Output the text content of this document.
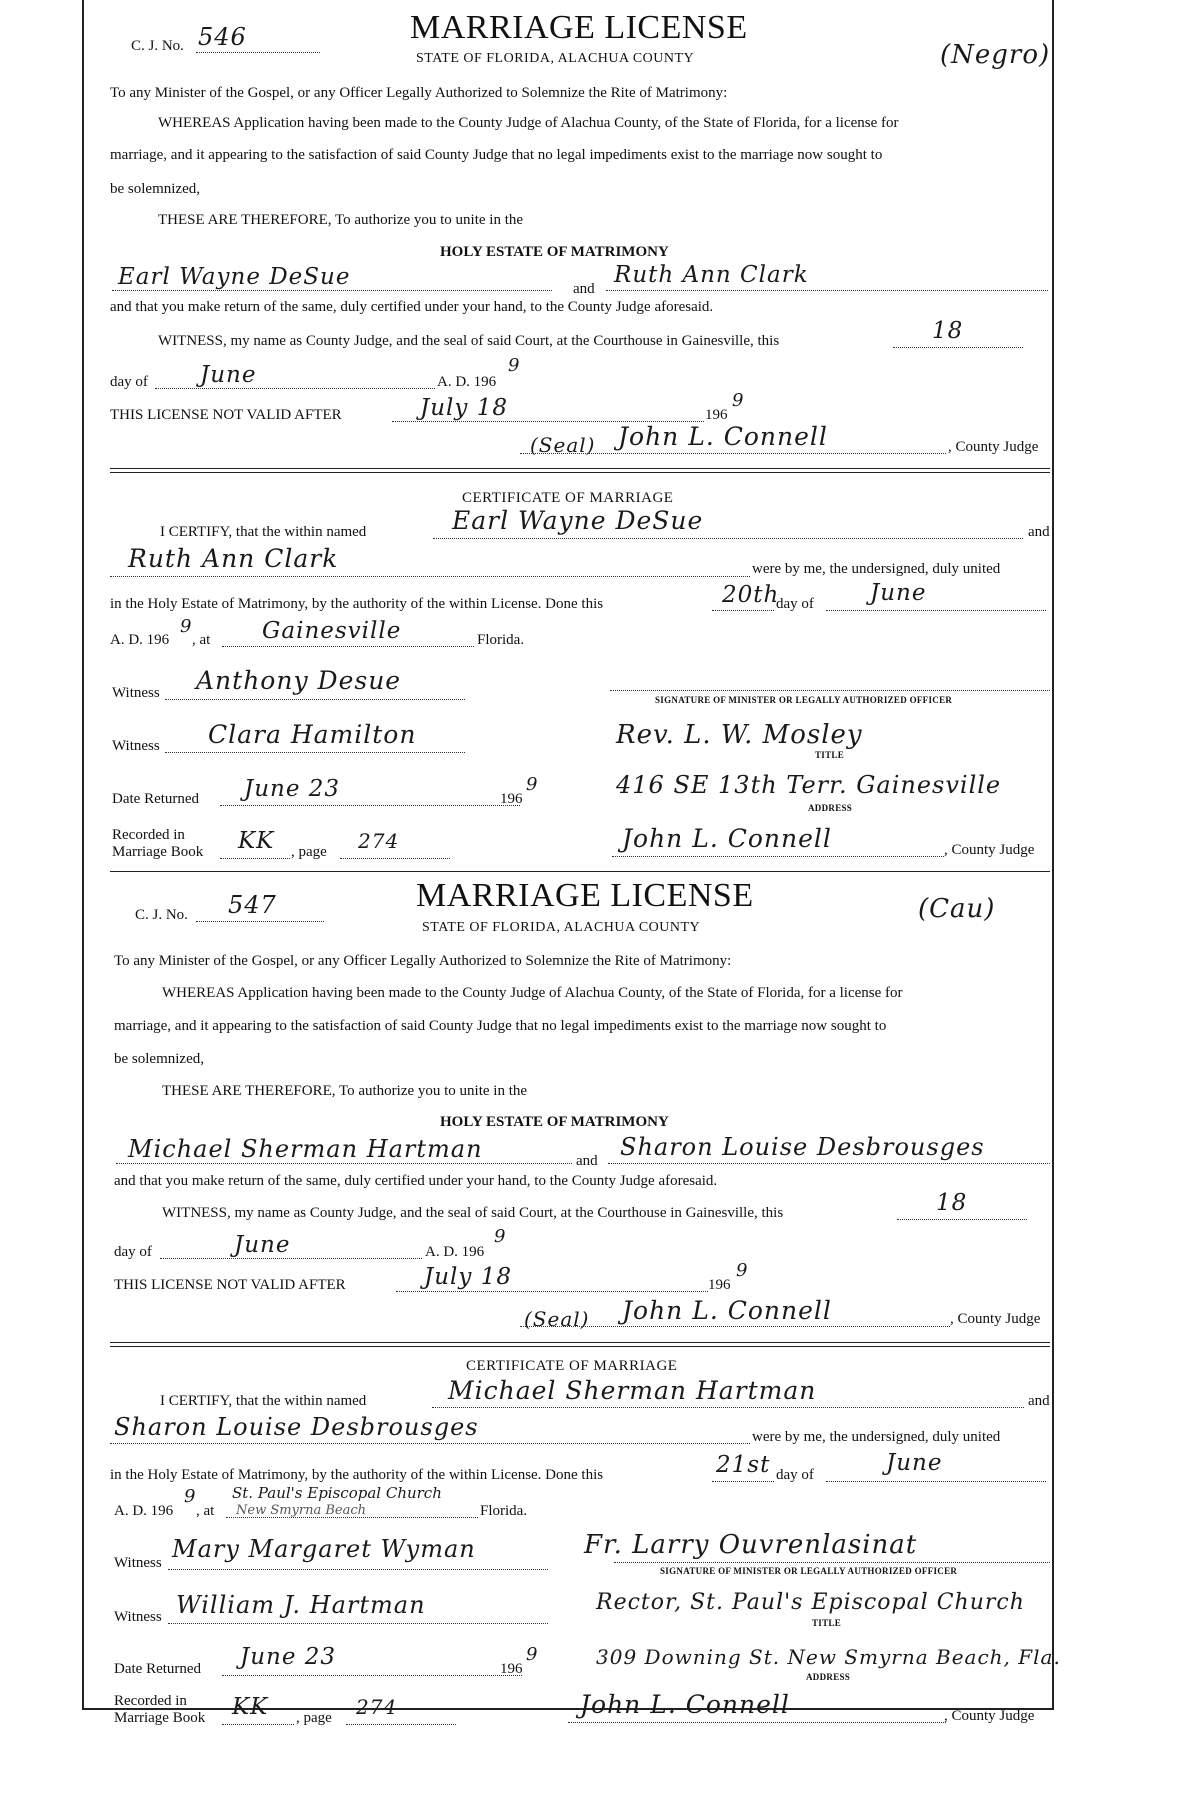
C. J. No. 546	MARRIAGE LICENSE
STATE OF FLORIDA, ALACHUA COUNTY	(Negro)
To any Minister of the Gospel, or any Officer Legally Authorized to Solemnize the Rite of Matrimony:
WHEREAS Application having been made to the County Judge of Alachua County, of the State of Florida, for a license for
marriage, and it appearing to the satisfaction of said County Judge that no legal impediments exist to the marriage now sought to
be solemnized,
THESE ARE THEREFORE, To authorize you to unite in the
HOLY ESTATE OF MATRIMONY
Earl Wayne DeSue	and
Ruth Ann Clark
and that you make return of the same, duly certified under your hand, to the County Judge aforesaid.
WITNESS, my name as County Judge, and the seal of said Court, at the Courthouse in Gainesville, this	18
day of June	A. D. 196
9
THIS LICENSE NOT VALID AFTER	July 18	196
9
(Seal) John L. Connell	, County Judge
CERTIFICATE OF MARRIAGE
I CERTIFY, that the within named	Earl Wayne DeSue	and
Ruth Ann Clark	were by me, the undersigned, duly united
in the Holy Estate of Matrimony, by the authority of the within License. Done this	20th
day of June
A. D. 196
9
, at Gainesville	Florida.
Witness Anthony Desue
SIGNATURE OF MINISTER OR LEGALLY AUTHORIZED OFFICER
Witness Clara Hamilton	Rev. L. W. Mosley
TITLE
Date Returned June 23	196
9	416 SE 13th Terr. Gainesville
ADDRESS
Recorded in
Marriage Book KK , page 274	John L. Connell	, County Judge
C. J. No. 547	MARRIAGE LICENSE
STATE OF FLORIDA, ALACHUA COUNTY
(Cau)
To any Minister of the Gospel, or any Officer Legally Authorized to Solemnize the Rite of Matrimony:
WHEREAS Application having been made to the County Judge of Alachua County, of the State of Florida, for a license for
marriage, and it appearing to the satisfaction of said County Judge that no legal impediments exist to the marriage now sought to
be solemnized,
THESE ARE THEREFORE, To authorize you to unite in the
HOLY ESTATE OF MATRIMONY
Michael Sherman Hartman	and Sharon Louise Desbrousges
and that you make return of the same, duly certified under your hand, to the County Judge aforesaid.
WITNESS, my name as County Judge, and the seal of said Court, at the Courthouse in Gainesville, this	18
day of	June	A. D. 196
9
THIS LICENSE NOT VALID AFTER	July 18	196
9
(Seal) John L. Connell	, County Judge
CERTIFICATE OF MARRIAGE
I CERTIFY, that the within named	Michael Sherman Hartman	and
Sharon Louise Desbrousges	were by me, the undersigned, duly united
in the Holy Estate of Matrimony, by the authority of the within License. Done this	21st day of	June
A. D. 196
9
, at
St. Paul's Episcopal Church
New Smyrna Beach	Florida.
Witness Mary Margaret Wyman	Fr. Larry Ouvrenlasinat
SIGNATURE OF MINISTER OR LEGALLY AUTHORIZED OFFICER
Witness William J. Hartman	Rector, St. Paul's Episcopal Church
TITLE
Date Returned June 23	196
9	309 Downing St. New Smyrna Beach, Fla.
ADDRESS
Recorded in
Marriage Book KK , page 274	John L. Connell	, County Judge
